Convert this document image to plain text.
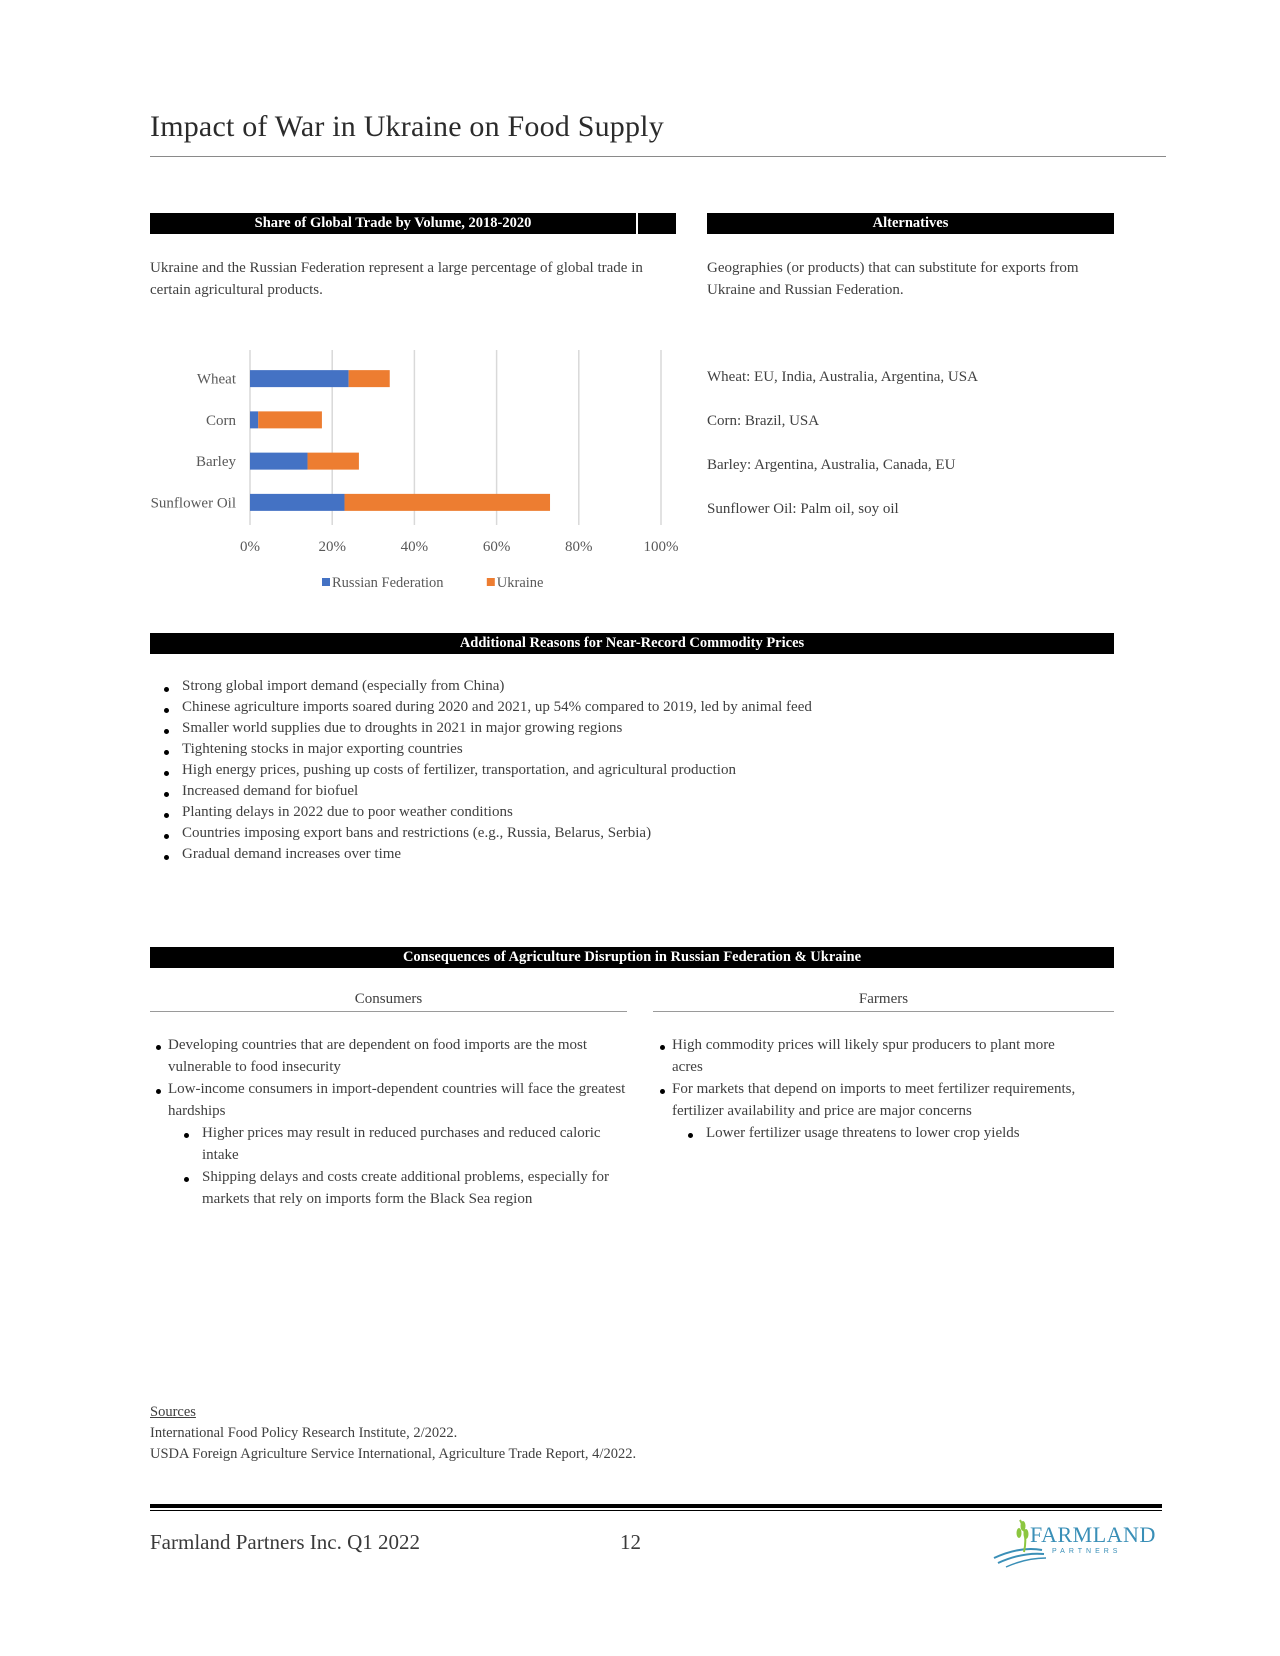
Impact of War in Ukraine on Food Supply
Share of Global Trade by Volume, 2018-2020
Ukraine and the Russian Federation represent a large percentage of global trade in certain agricultural products.
Alternatives
Geographies (or products) that can substitute for exports from Ukraine and Russian Federation.
Wheat: EU, India, Australia, Argentina, USA
Corn: Brazil, USA
Barley: Argentina, Australia, Canada, EU
Sunflower Oil: Palm oil, soy oil
Wheat
Corn
Barley
Sunflower Oil
0%	20%	40%	60%	80%	100%
Russian Federation	Ukraine
Additional Reasons for Near-Record Commodity Prices
Strong global import demand (especially from China)
Chinese agriculture imports soared during 2020 and 2021, up 54% compared to 2019, led by animal feed
Smaller world supplies due to droughts in 2021 in major growing regions
Tightening stocks in major exporting countries
High energy prices, pushing up costs of fertilizer, transportation, and agricultural production
Increased demand for biofuel
Planting delays in 2022 due to poor weather conditions
Countries imposing export bans and restrictions (e.g., Russia, Belarus, Serbia)
Gradual demand increases over time
Consequences of Agriculture Disruption in Russian Federation & Ukraine
Consumers	Farmers
Developing countries that are dependent on food imports are the most vulnerable to food insecurity
Low-income consumers in import-dependent countries will face the greatest hardships
Higher prices may result in reduced purchases and reduced caloric intake
Shipping delays and costs create additional problems, especially for markets that rely on imports form the Black Sea region
High commodity prices will likely spur producers to plant more acres
For markets that depend on imports to meet fertilizer requirements, fertilizer availability and price are major concerns
Lower fertilizer usage threatens to lower crop yields
Sources
International Food Policy Research Institute, 2/2022.
USDA Foreign Agriculture Service International, Agriculture Trade Report, 4/2022.
Farmland Partners Inc. Q1 2022	12	FARMLAND
PARTNERS
